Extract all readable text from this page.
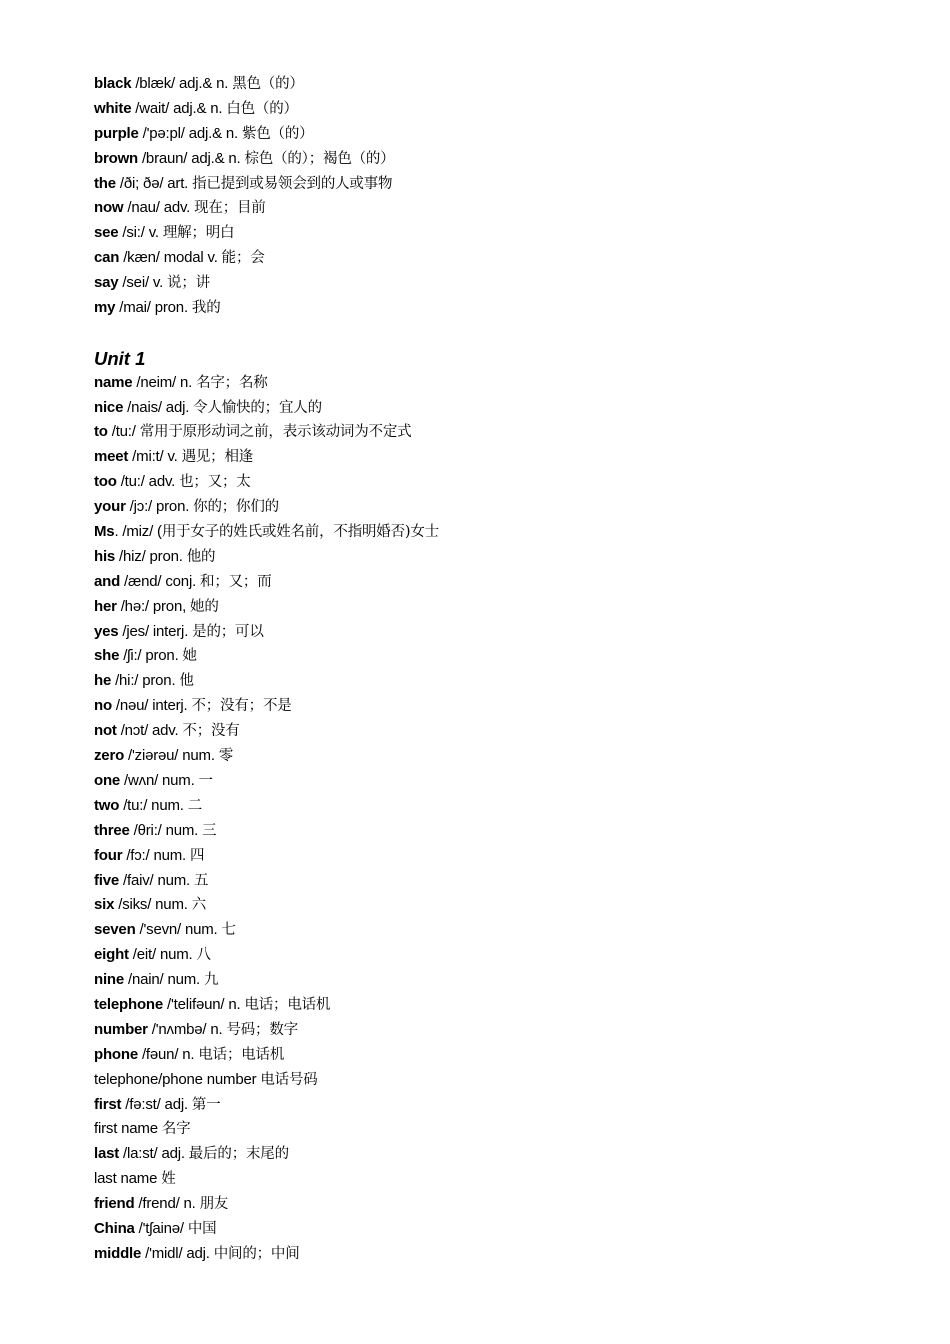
black /blæk/ adj.& n. 黑色（的）
white /wait/ adj.& n. 白色（的）
purple /'pə:pl/ adj.& n. 紫色（的）
brown /braun/ adj.& n. 棕色（的）；褐色（的）
the /ði; ðə/ art. 指已提到或易领会到的人或事物
now /nau/ adv. 现在；目前
see /si:/ v. 理解；明白
can /kæn/ modal v. 能；会
say /sei/ v. 说；讲
my /mai/ pron. 我的
Unit 1
name /neim/ n. 名字；名称
nice /nais/ adj. 令人愉快的；宜人的
to /tu:/ 常用于原形动词之前，表示该动词为不定式
meet /mi:t/ v. 遇见；相逢
too /tu:/ adv. 也；又；太
your /jɔ:/ pron. 你的；你们的
Ms. /miz/ (用于女子的姓氏或姓名前，不指明婚否)女士
his /hiz/ pron. 他的
and /ænd/ conj. 和；又；而
her /hə:/ pron, 她的
yes /jes/ interj. 是的；可以
she /ʃi:/ pron. 她
he /hi:/ pron. 他
no /nəu/ interj. 不；没有；不是
not /nɔt/ adv. 不；没有
zero /'ziərəu/ num. 零
one /wʌn/ num. 一
two /tu:/ num. 二
three /θri:/ num. 三
four /fɔ:/ num. 四
five /faiv/ num. 五
six /siks/ num. 六
seven /'sevn/ num. 七
eight /eit/ num. 八
nine /nain/ num. 九
telephone /'telifəun/ n. 电话；电话机
number /'nʌmbə/ n. 号码；数字
phone /fəun/ n. 电话；电话机
telephone/phone number 电话号码
first /fə:st/ adj. 第一
first name 名字
last /la:st/ adj. 最后的；末尾的
last name 姓
friend /frend/ n. 朋友
China /'tʃainə/ 中国
middle /'midl/ adj. 中间的；中间
